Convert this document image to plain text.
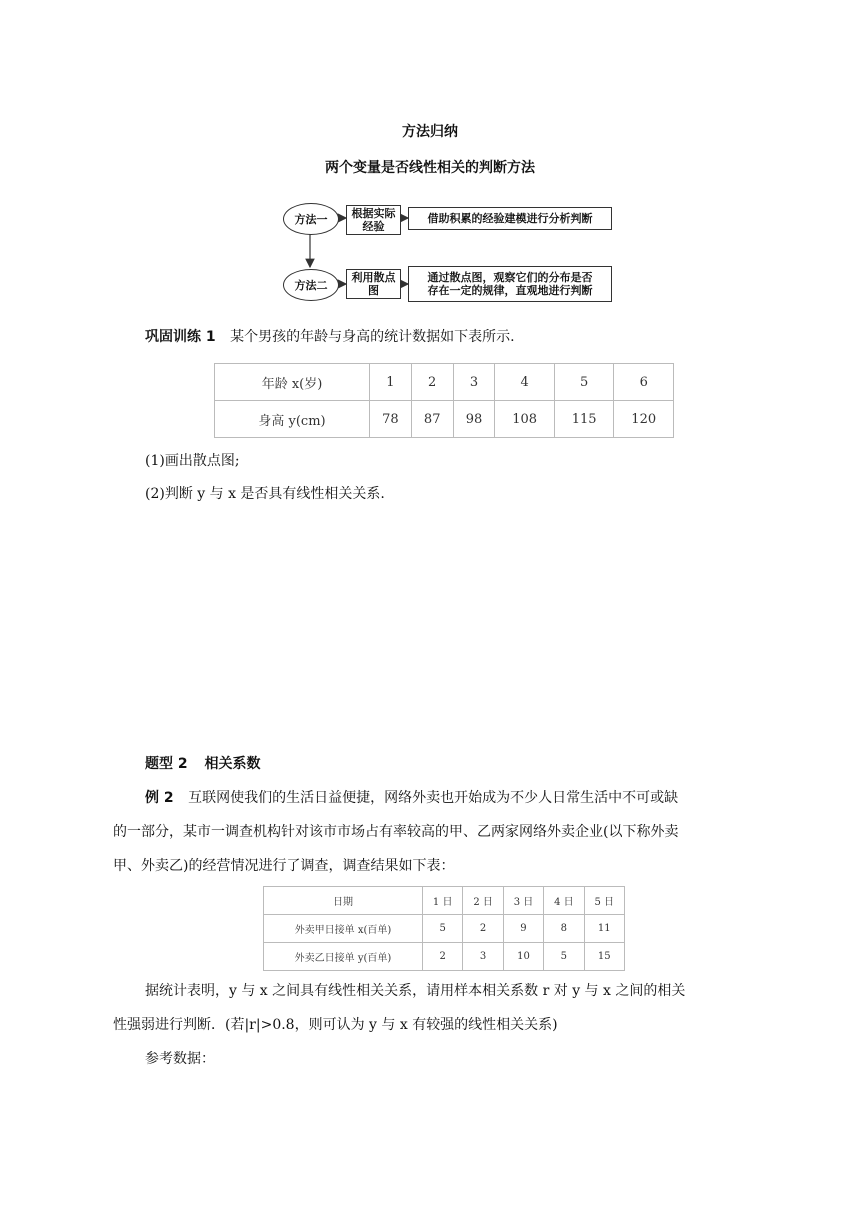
方法归纳
两个变量是否线性相关的判断方法
方法一	根据实际经验
借助积累的经验建模进行分析判断
方法二
利用散点图
通过散点图，观察它们的分布是否
存在一定的规律，直观地进行判断
巩固训练 1 某个男孩的年龄与身高的统计数据如下表所示.
年龄 x(岁)	1	2	3	4	5	6
身高 y(cm)	78	87	98	108	115	120
(1)画出散点图;
(2)判断 y 与 x 是否具有线性相关关系.
题型 2 相关系数
例 2 互联网使我们的生活日益便捷，网络外卖也开始成为不少人日常生活中不可或缺
的一部分，某市一调查机构针对该市市场占有率较高的甲、乙两家网络外卖企业(以下称外卖
甲、外卖乙)的经营情况进行了调查，调查结果如下表：
日期	1 日	2 日	3 日	4 日	5 日
外卖甲日接单 x(百单)	5	2	9	8	11
外卖乙日接单 y(百单)	2	3	10	5	15
据统计表明，y 与 x 之间具有线性相关关系，请用样本相关系数 r 对 y 与 x 之间的相关
性强弱进行判断．(若|r|>0.8，则可认为 y 与 x 有较强的线性相关关系)
参考数据：
